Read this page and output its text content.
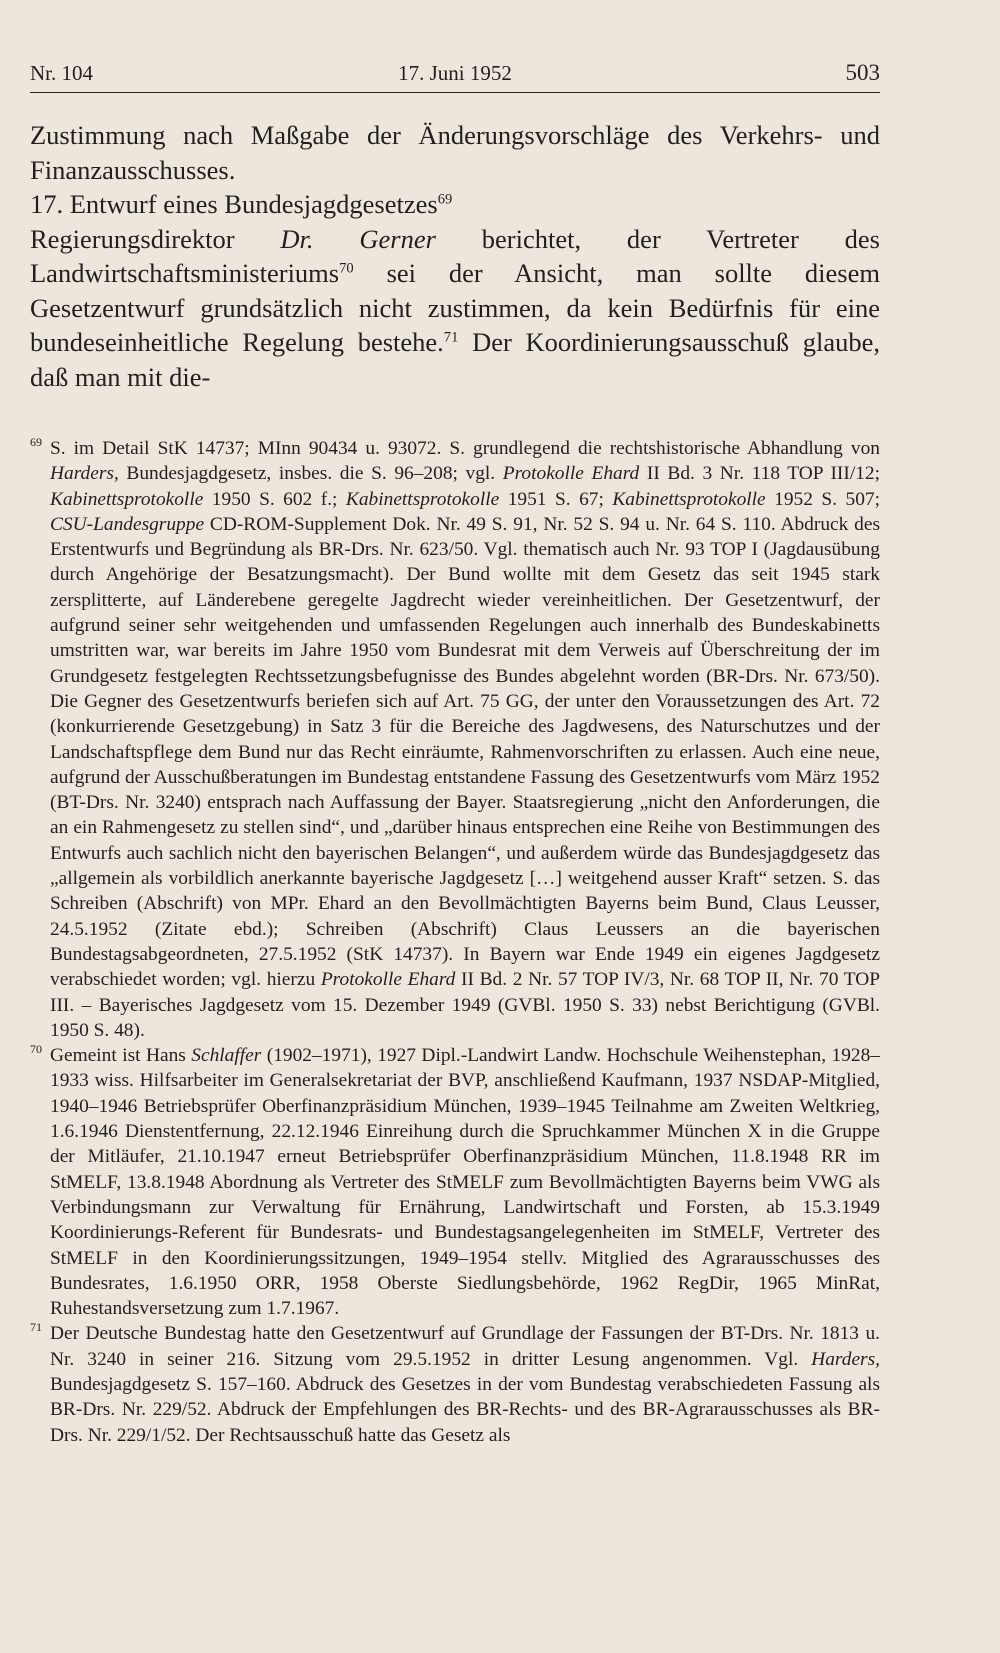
Nr. 104	17. Juni 1952	503

Zustimmung nach Maßgabe der Änderungsvorschläge des Verkehrs- und Finanzausschusses.

17. Entwurf eines Bundesjagdgesetzes$^{69}$

Regierungsdirektor Dr. Gerner berichtet, der Vertreter des Landwirtschaftsministeriums$^{70}$ sei der Ansicht, man sollte diesem Gesetzentwurf grundsätzlich nicht zustimmen, da kein Bedürfnis für eine bundeseinheitliche Regelung bestehe.$^{71}$ Der Koordinierungsausschuß glaube, daß man mit die-

69 S. im Detail StK 14737; MInn 90434 u. 93072. S. grundlegend die rechtshistorische Abhandlung von Harders, Bundesjagdgesetz, insbes. die S. 96–208; vgl. Protokolle Ehard II Bd. 3 Nr. 118 TOP III/12; Kabinettsprotokolle 1950 S. 602 f.; Kabinettsprotokolle 1951 S. 67; Kabinettsprotokolle 1952 S. 507; CSU-Landesgruppe CD-ROM-Supplement Dok. Nr. 49 S. 91, Nr. 52 S. 94 u. Nr. 64 S. 110. Abdruck des Erstentwurfs und Begründung als BR-Drs. Nr. 623/50. Vgl. thematisch auch Nr. 93 TOP I (Jagdausübung durch Angehörige der Besatzungsmacht). Der Bund wollte mit dem Gesetz das seit 1945 stark zersplitterte, auf Länderebene geregelte Jagdrecht wieder vereinheitlichen. Der Gesetzentwurf, der aufgrund seiner sehr weitgehenden und umfassenden Regelungen auch innerhalb des Bundeskabinetts umstritten war, war bereits im Jahre 1950 vom Bundesrat mit dem Verweis auf Überschreitung der im Grundgesetz festgelegten Rechtssetzungsbefugnisse des Bundes abgelehnt worden (BR-Drs. Nr. 673/50). Die Gegner des Gesetzentwurfs beriefen sich auf Art. 75 GG, der unter den Voraussetzungen des Art. 72 (konkurrierende Gesetzgebung) in Satz 3 für die Bereiche des Jagdwesens, des Naturschutzes und der Landschaftspflege dem Bund nur das Recht einräumte, Rahmenvorschriften zu erlassen. Auch eine neue, aufgrund der Ausschußberatungen im Bundestag entstandene Fassung des Gesetzentwurfs vom März 1952 (BT-Drs. Nr. 3240) entsprach nach Auffassung der Bayer. Staatsregierung „nicht den Anforderungen, die an ein Rahmengesetz zu stellen sind“, und „darüber hinaus entsprechen eine Reihe von Bestimmungen des Entwurfs auch sachlich nicht den bayerischen Belangen“, und außerdem würde das Bundesjagdgesetz das „allgemein als vorbildlich anerkannte bayerische Jagdgesetz […] weitgehend ausser Kraft“ setzen. S. das Schreiben (Abschrift) von MPr. Ehard an den Bevollmächtigten Bayerns beim Bund, Claus Leusser, 24.5.1952 (Zitate ebd.); Schreiben (Abschrift) Claus Leussers an die bayerischen Bundestagsabgeordneten, 27.5.1952 (StK 14737). In Bayern war Ende 1949 ein eigenes Jagdgesetz verabschiedet worden; vgl. hierzu Protokolle Ehard II Bd. 2 Nr. 57 TOP IV/3, Nr. 68 TOP II, Nr. 70 TOP III. – Bayerisches Jagdgesetz vom 15. Dezember 1949 (GVBl. 1950 S. 33) nebst Berichtigung (GVBl. 1950 S. 48).
70 Gemeint ist Hans Schlaffer (1902–1971), 1927 Dipl.-Landwirt Landw. Hochschule Weihenstephan, 1928–1933 wiss. Hilfsarbeiter im Generalsekretariat der BVP, anschließend Kaufmann, 1937 NSDAP-Mitglied, 1940–1946 Betriebsprüfer Oberfinanzpräsidium München, 1939–1945 Teilnahme am Zweiten Weltkrieg, 1.6.1946 Dienstentfernung, 22.12.1946 Einreihung durch die Spruchkammer München X in die Gruppe der Mitläufer, 21.10.1947 erneut Betriebsprüfer Oberfinanzpräsidium München, 11.8.1948 RR im StMELF, 13.8.1948 Abordnung als Vertreter des StMELF zum Bevollmächtigten Bayerns beim VWG als Verbindungsmann zur Verwaltung für Ernährung, Landwirtschaft und Forsten, ab 15.3.1949 Koordinierungs-Referent für Bundesrats- und Bundestagsangelegenheiten im StMELF, Vertreter des StMELF in den Koordinierungssitzungen, 1949–1954 stellv. Mitglied des Agrarausschusses des Bundesrates, 1.6.1950 ORR, 1958 Oberste Siedlungsbehörde, 1962 RegDir, 1965 MinRat, Ruhestandsversetzung zum 1.7.1967.
71 Der Deutsche Bundestag hatte den Gesetzentwurf auf Grundlage der Fassungen der BT-Drs. Nr. 1813 u. Nr. 3240 in seiner 216. Sitzung vom 29.5.1952 in dritter Lesung angenommen. Vgl. Harders, Bundesjagdgesetz S. 157–160. Abdruck des Gesetzes in der vom Bundestag verabschiedeten Fassung als BR-Drs. Nr. 229/52. Abdruck der Empfehlungen des BR-Rechts- und des BR-Agrarausschusses als BR-Drs. Nr. 229/1/52. Der Rechtsausschuß hatte das Gesetz als
